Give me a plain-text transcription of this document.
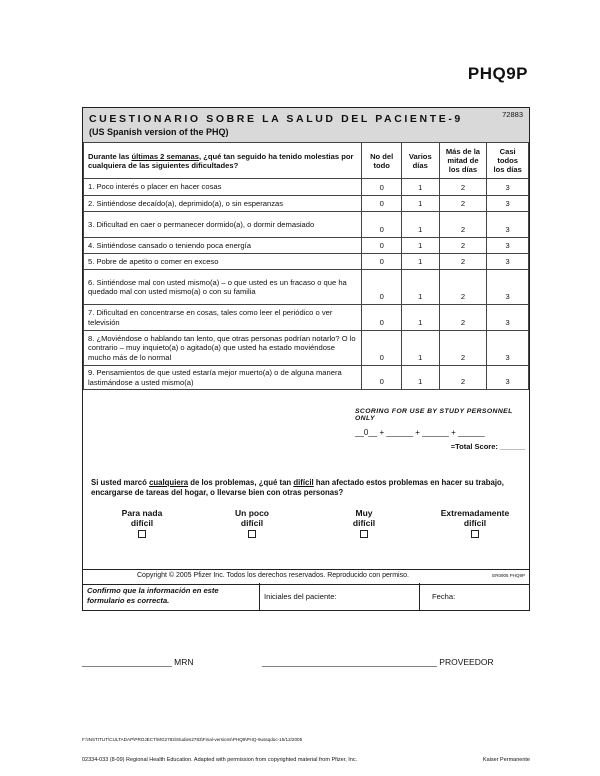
PHQ9P
CUESTIONARIO SOBRE LA SALUD DEL PACIENTE-9
(US Spanish version of the PHQ)
72883
Durante las últimas 2 semanas, ¿qué tan seguido ha tenido molestias por cualquiera de las siguientes dificultades?	No del todo	Varios días	Más de la mitad de los días	Casi todos los días
1. Poco interés o placer en hacer cosas	0	1	2	3
2. Sintiéndose decaído(a), deprimido(a), o sin esperanzas	0	1	2	3
3. Dificultad en caer o permanecer dormido(a), o dormir demasiado	0	1	2	3
4. Sintiéndose cansado o teniendo poca energía	0	1	2	3
5. Pobre de apetito o comer en exceso	0	1	2	3
6. Sintiéndose mal con usted mismo(a) – o que usted es un fracaso o que ha quedado mal con usted mismo(a) o con su familia	0	1	2	3
7. Dificultad en concentrarse en cosas, tales como leer el periódico o ver televisión	0	1	2	3
8. ¿Moviéndose o hablando tan lento, que otras personas podrían notarlo? O lo contrario – muy inquieto(a) o agitado(a) que usted ha estado moviéndose mucho más de lo normal	0	1	2	3
9. Pensamientos de que usted estaría mejor muerto(a) o de alguna manera lastimándose a usted mismo(a)	0	1	2	3
SCORING FOR USE BY STUDY PERSONNEL ONLY
__0__ + ______ + ______ + ______
=Total Score: ______
Si usted marcó cualquiera de los problemas, ¿qué tan difícil han afectado estos problemas en hacer su trabajo, encargarse de tareas del hogar, o llevarse bien con otras personas?
Para nada difícil
Un poco difícil
Muy difícil
Extremadamente difícil
Copyright © 2005 Pfizer Inc. Todos los derechos reservados. Reproducido con permiso.	ER0905 PHQ9P
Confirmo que la información en este formulario es correcta.	Iniciales del paciente:	Fecha:
___________________ MRN	_____________________________________ PROVEEDOR
F:\INSTITUT\CULTADAP\PROJECT\MG2783\Studies2783\Final-versions\PHQ9\PHQ-9ussqdoc-15/12/2005
02334-033 (8-09) Regional Health Education. Adapted with permission from copyrighted material from Pfizer, Inc.	Kaiser Permanente
